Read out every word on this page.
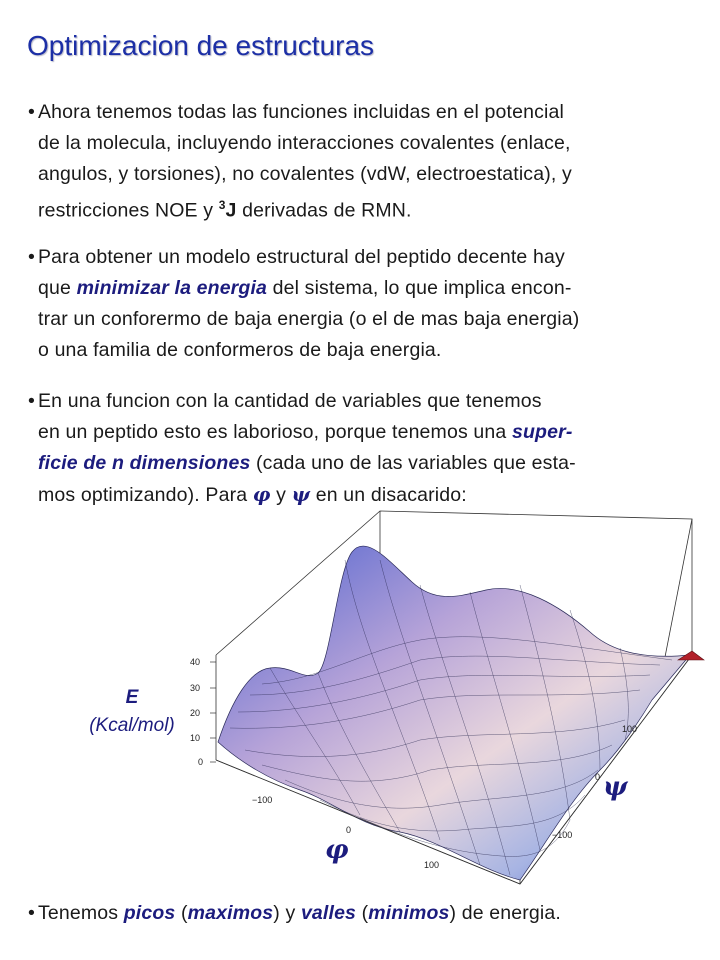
Optimizacion de estructuras
• Ahora tenemos todas las funciones incluidas en el potencial
de la molecula, incluyendo interacciones covalentes (enlace,
angulos, y torsiones), no covalentes (vdW, electroestatica), y
restricciones NOE y $^3$J derivadas de RMN.
• Para obtener un modelo estructural del peptido decente hay
que minimizar la energia del sistema, lo que implica encon-
trar un conforermo de baja energia (o el de mas baja energia)
o una familia de conformeros de baja energia.
• En una funcion con la cantidad de variables que tenemos
en un peptido esto es laborioso, porque tenemos una super-
ficie de n dimensiones (cada uno de las variables que esta-
mos optimizando). Para φ y ψ en un disacarido:
40
30
20
10
0
−100
0
100
−100
0
100
E
(Kcal/mol)
φ
ψ
• Tenemos picos (maximos) y valles (minimos) de energia.
